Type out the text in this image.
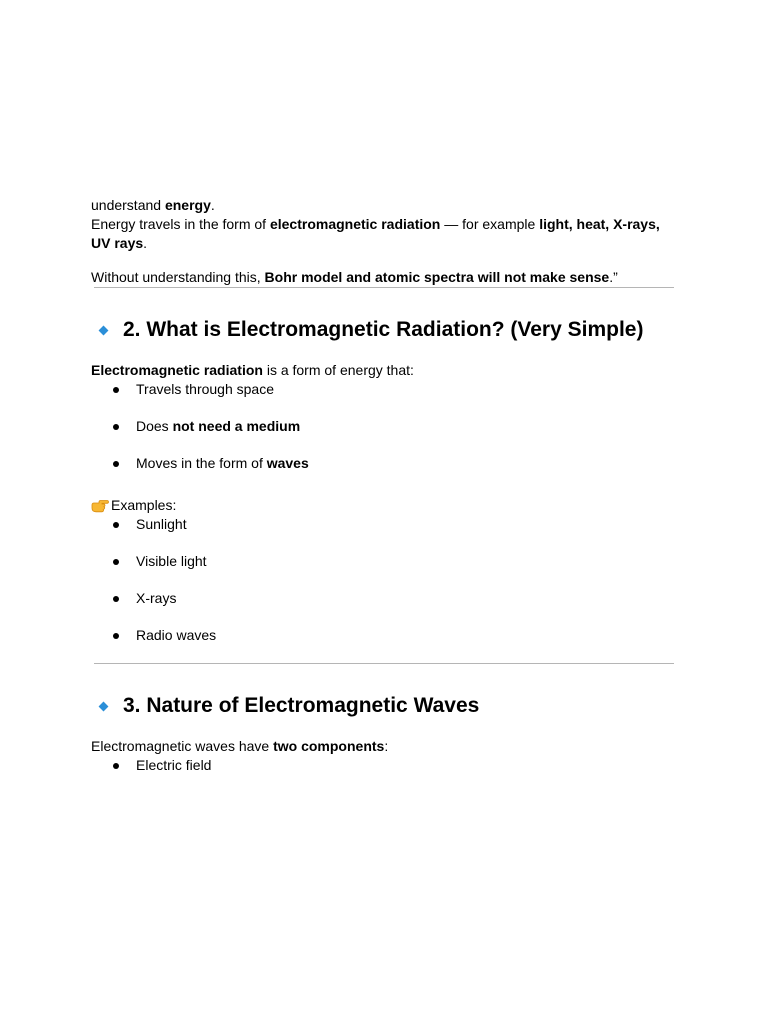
understand energy.

Energy travels in the form of electromagnetic radiation — for example light, heat, X-rays, UV rays.

Without understanding this, Bohr model and atomic spectra will not make sense.”

2. What is Electromagnetic Radiation? (Very Simple)

Electromagnetic radiation is a form of energy that:

Travels through space
Does not need a medium
Moves in the form of waves
Examples:
Sunlight
Visible light
X-rays
Radio waves
3. Nature of Electromagnetic Waves

Electromagnetic waves have two components:

Electric field
